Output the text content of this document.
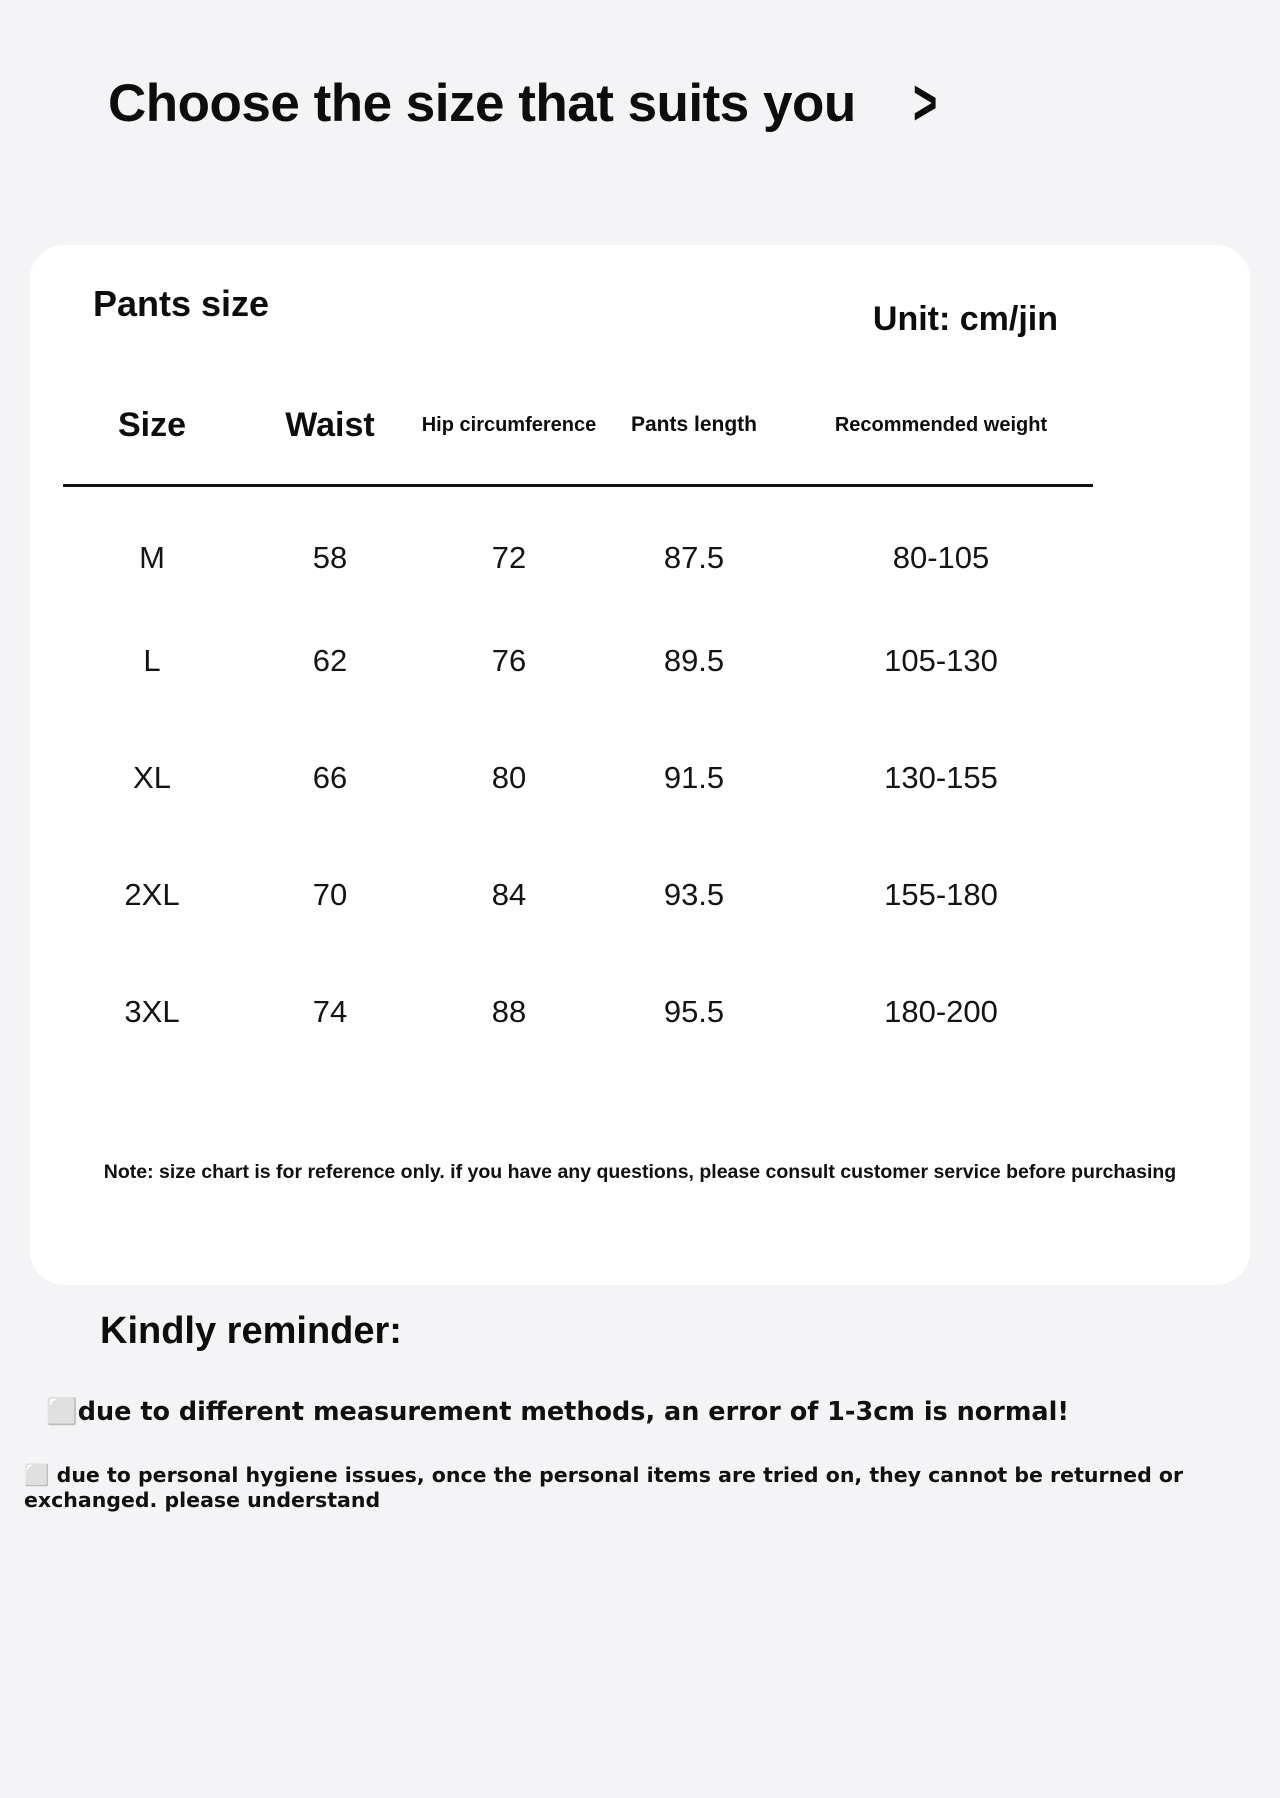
Choose the size that suits you >
Pants size	Unit: cm/jin
Size	Waist	Hip circumference	Pants length	Recommended weight
M	58	72	87.5	80-105
L	62	76	89.5	105-130
XL	66	80	91.5	130-155
2XL	70	84	93.5	155-180
3XL	74	88	95.5	180-200
Note: size chart is for reference only. if you have any questions, please consult customer service before purchasing
Kindly reminder:
⬜due to different measurement methods, an error of 1-3cm is normal!
⬜ due to personal hygiene issues, once the personal items are tried on, they cannot be returned or exchanged. please understand
